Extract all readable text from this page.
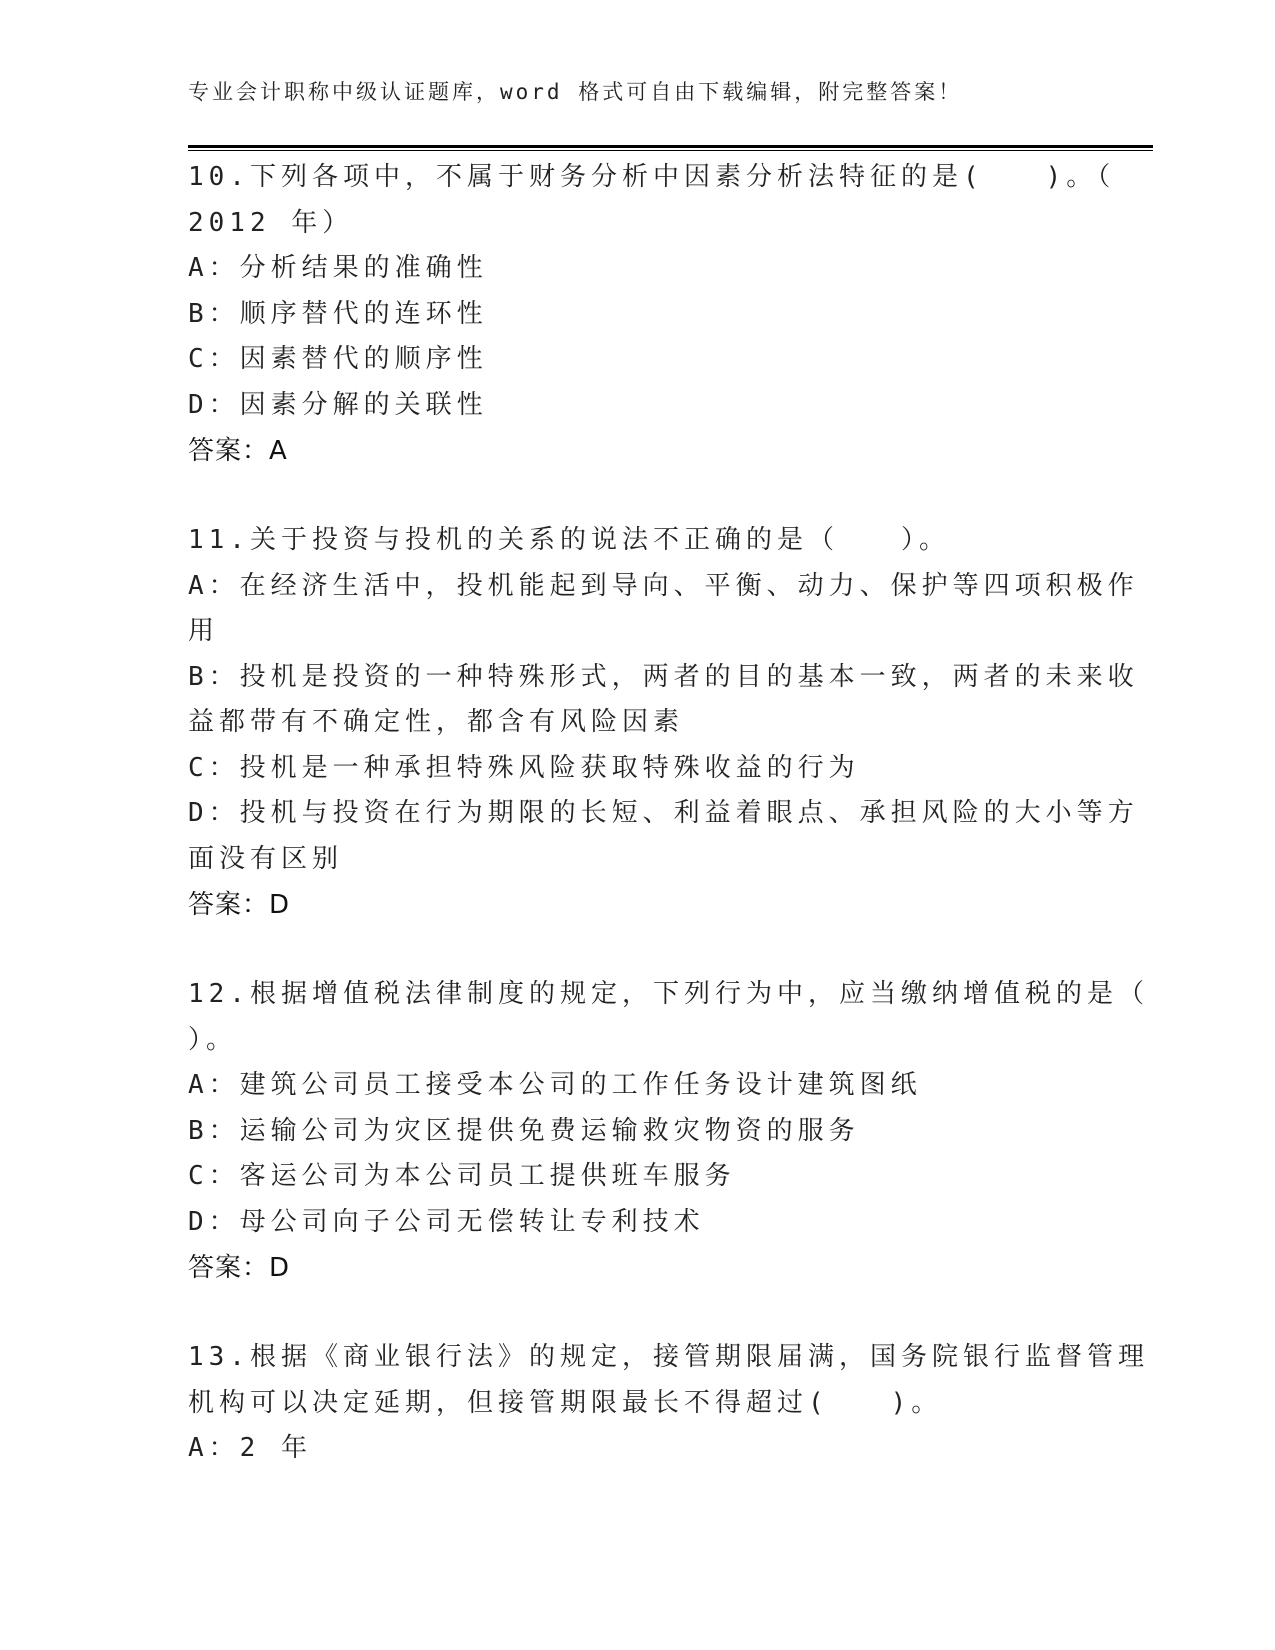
专业会计职称中级认证题库，word 格式可自由下载编辑，附完整答案！
10.下列各项中，不属于财务分析中因素分析法特征的是(　　)。（
2012 年）
A：分析结果的准确性
B：顺序替代的连环性
C：因素替代的顺序性
D：因素分解的关联性
答案：A
11.关于投资与投机的关系的说法不正确的是（　　）。
A：在经济生活中，投机能起到导向、平衡、动力、保护等四项积极作
用
B：投机是投资的一种特殊形式，两者的目的基本一致，两者的未来收
益都带有不确定性，都含有风险因素
C：投机是一种承担特殊风险获取特殊收益的行为
D：投机与投资在行为期限的长短、利益着眼点、承担风险的大小等方
面没有区别
答案：D
12.根据增值税法律制度的规定，下列行为中，应当缴纳增值税的是（
）。
A：建筑公司员工接受本公司的工作任务设计建筑图纸
B：运输公司为灾区提供免费运输救灾物资的服务
C：客运公司为本公司员工提供班车服务
D：母公司向子公司无偿转让专利技术
答案：D
13.根据《商业银行法》的规定，接管期限届满，国务院银行监督管理
机构可以决定延期，但接管期限最长不得超过(　　)。
A：2 年
